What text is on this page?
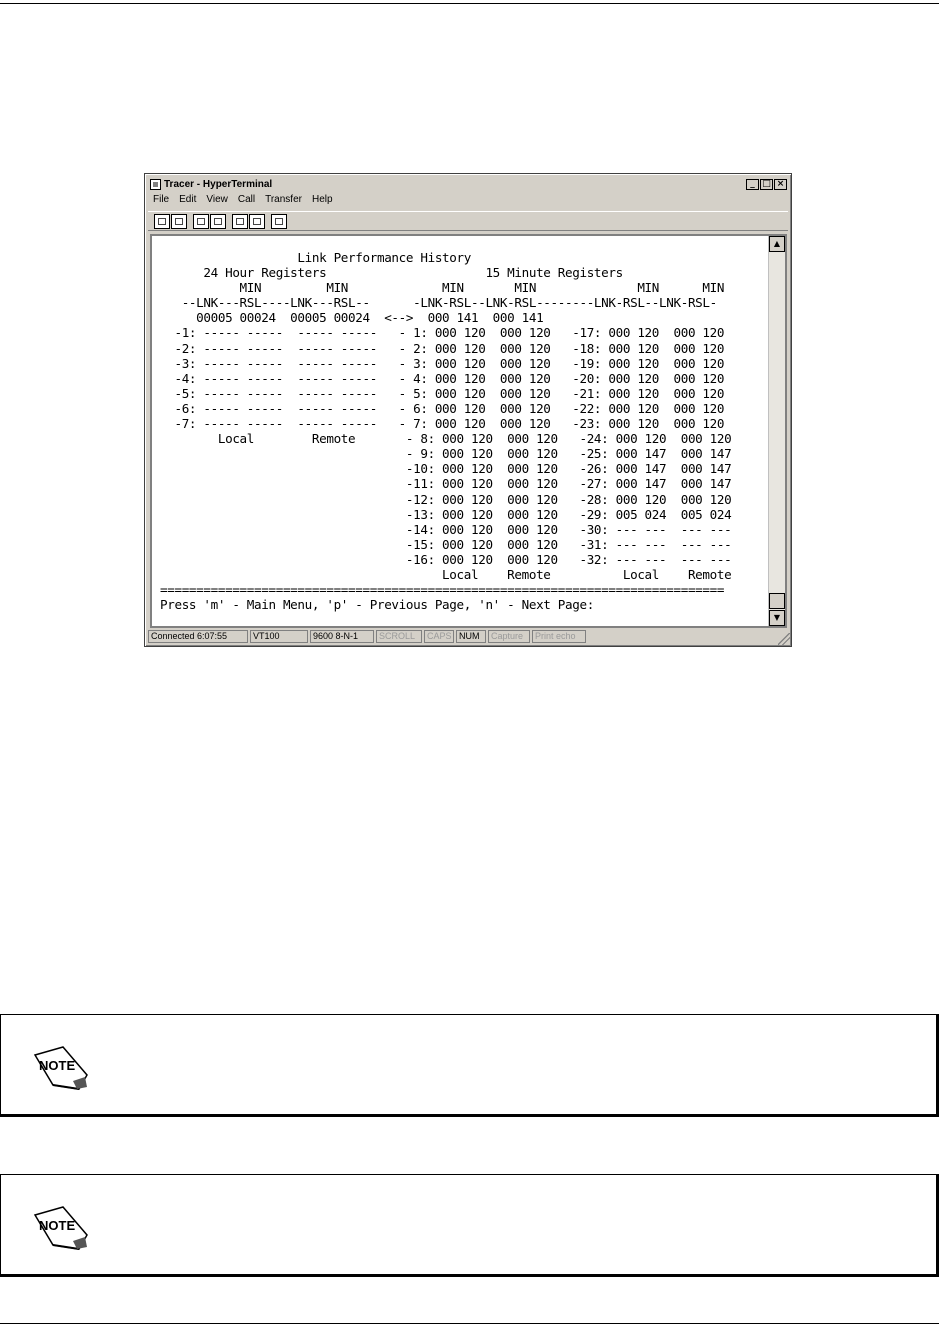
Tracer - HyperTerminal	_ □ ×
File	Edit	View	Call	Transfer	Help
Link Performance History
24 Hour Registers                      15 Minute Registers
MIN         MIN             MIN       MIN              MIN      MIN
--LNK---RSL----LNK---RSL--      -LNK-RSL--LNK-RSL--------LNK-RSL--LNK-RSL-
00005 00024  00005 00024  <-->  000 141  000 141
-1: ----- -----  ----- -----   - 1: 000 120  000 120   -17: 000 120  000 120
-2: ----- -----  ----- -----   - 2: 000 120  000 120   -18: 000 120  000 120
-3: ----- -----  ----- -----   - 3: 000 120  000 120   -19: 000 120  000 120
-4: ----- -----  ----- -----   - 4: 000 120  000 120   -20: 000 120  000 120
-5: ----- -----  ----- -----   - 5: 000 120  000 120   -21: 000 120  000 120
-6: ----- -----  ----- -----   - 6: 000 120  000 120   -22: 000 120  000 120
-7: ----- -----  ----- -----   - 7: 000 120  000 120   -23: 000 120  000 120
Local        Remote       - 8: 000 120  000 120   -24: 000 120  000 120
- 9: 000 120  000 120   -25: 000 147  000 147
-10: 000 120  000 120   -26: 000 147  000 147
-11: 000 120  000 120   -27: 000 147  000 147
-12: 000 120  000 120   -28: 000 120  000 120
-13: 000 120  000 120   -29: 005 024  005 024
-14: 000 120  000 120   -30: --- ---  --- ---
-15: 000 120  000 120   -31: --- ---  --- ---
-16: 000 120  000 120   -32: --- ---  --- ---
Local    Remote          Local    Remote
==============================================================================
Press 'm' - Main Menu, 'p' - Previous Page, 'n' - Next Page:

▲
▼
Connected 6:07:55	VT100	9600 8-N-1	SCROLL	CAPS NUM	Capture	Print echo
NOTE
NOTE
